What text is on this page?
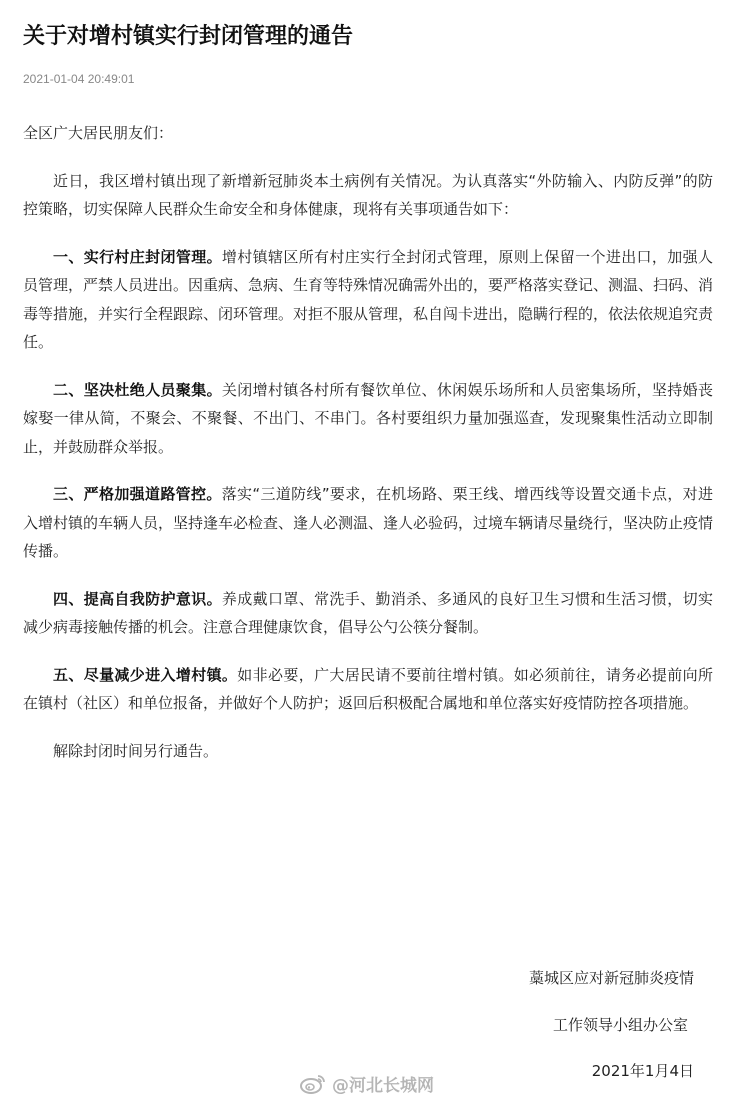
关于对增村镇实行封闭管理的通告
2021-01-04 20:49:01

全区广大居民朋友们：

近日，我区增村镇出现了新增新冠肺炎本土病例有关情况。为认真落实“外防输入、内防反弹”的防控策略，切实保障人民群众生命安全和身体健康，现将有关事项通告如下：

一、实行村庄封闭管理。增村镇辖区所有村庄实行全封闭式管理，原则上保留一个进出口，加强人员管理，严禁人员进出。因重病、急病、生育等特殊情况确需外出的，要严格落实登记、测温、扫码、消毒等措施，并实行全程跟踪、闭环管理。对拒不服从管理，私自闯卡进出，隐瞒行程的，依法依规追究责任。

二、坚决杜绝人员聚集。关闭增村镇各村所有餐饮单位、休闲娱乐场所和人员密集场所，坚持婚丧嫁娶一律从简，不聚会、不聚餐、不出门、不串门。各村要组织力量加强巡查，发现聚集性活动立即制止，并鼓励群众举报。

三、严格加强道路管控。落实“三道防线”要求，在机场路、栗王线、增西线等设置交通卡点，对进入增村镇的车辆人员，坚持逢车必检查、逢人必测温、逢人必验码，过境车辆请尽量绕行，坚决防止疫情传播。

四、提高自我防护意识。养成戴口罩、常洗手、勤消杀、多通风的良好卫生习惯和生活习惯，切实减少病毒接触传播的机会。注意合理健康饮食，倡导公勺公筷分餐制。

五、尽量减少进入增村镇。如非必要，广大居民请不要前往增村镇。如必须前往，请务必提前向所在镇村（社区）和单位报备，并做好个人防护；返回后积极配合属地和单位落实好疫情防控各项措施。

解除封闭时间另行通告。

藁城区应对新冠肺炎疫情
工作领导小组办公室
2021年1月4日
@河北长城网
